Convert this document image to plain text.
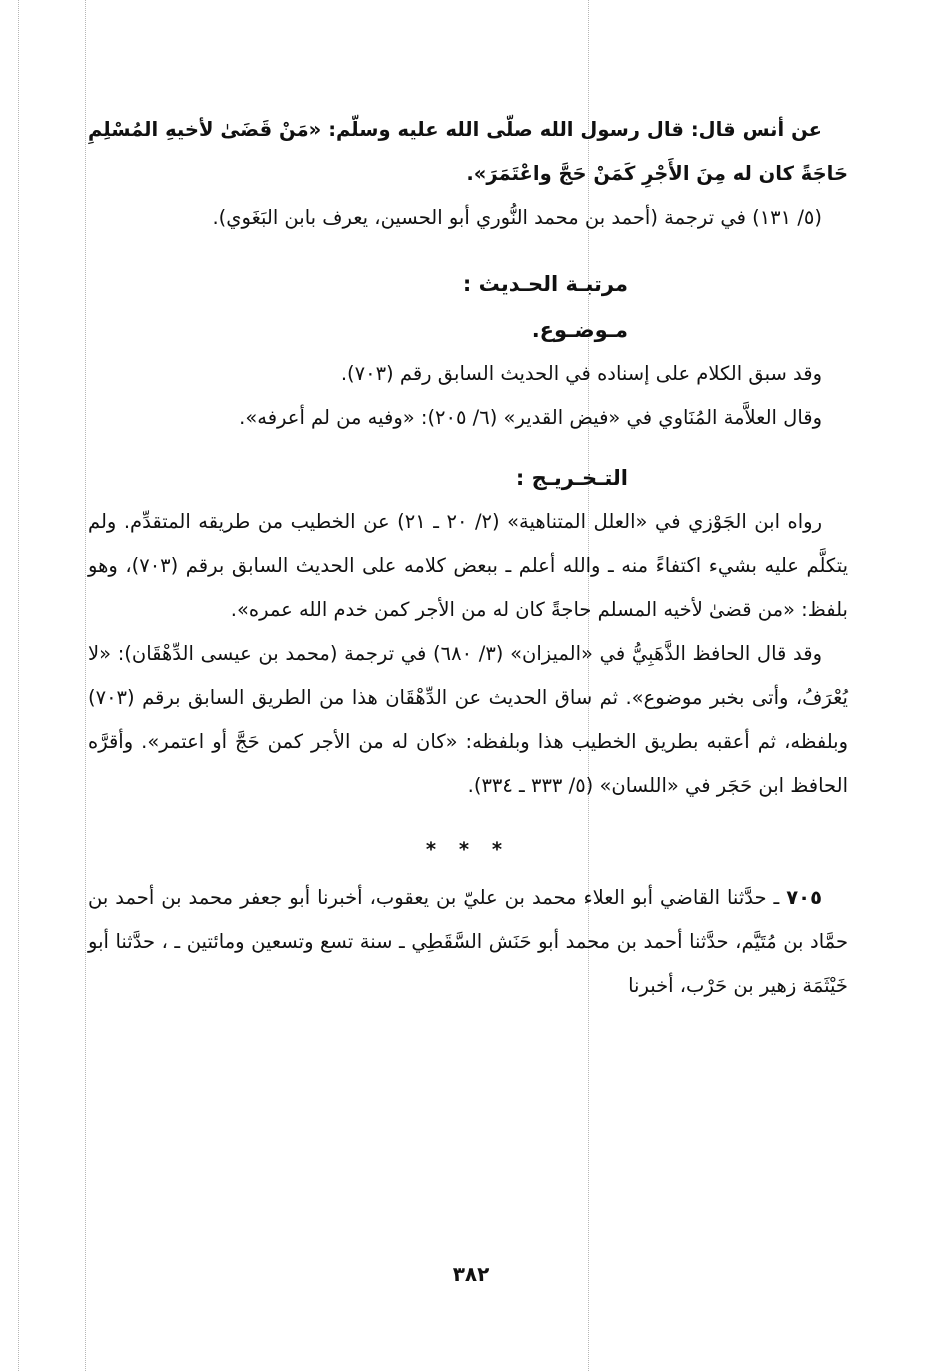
عن أنس قال: قال رسول الله صلّى الله عليه وسلّم: «مَنْ قَضَىٰ لأخيهِ المُسْلِمِ حَاجَةً كان له مِنَ الأَجْرِ كَمَنْ حَجَّ واعْتَمَرَ».

(٥/ ١٣١) في ترجمة (أحمد بن محمد النُّوري أبو الحسين، يعرف بابن البَغَوي).

مرتبـة الحـديث :

مـوضـوع.

وقد سبق الكلام على إسناده في الحديث السابق رقم (٧٠٣).

وقال العلاَّمة المُنَاوي في «فيض القدير» (٦/ ٢٠٥): «وفيه من لم أعرفه».

التـخـريـج :

رواه ابن الجَوْزي في «العلل المتناهية» (٢/ ٢٠ ـ ٢١) عن الخطيب من طريقه المتقدِّم. ولم يتكلَّم عليه بشيء اكتفاءً منه ـ والله أعلم ـ ببعض كلامه على الحديث السابق برقم (٧٠٣)، وهو بلفظ: «من قضىٰ لأخيه المسلم حاجةً كان له من الأجر كمن خدم الله عمره».

وقد قال الحافظ الذَّهَبِيُّ في «الميزان» (٣/ ٦٨٠) في ترجمة (محمد بن عيسى الدِّهْقَان): «لا يُعْرَفُ، وأتى بخبر موضوع». ثم ساق الحديث عن الدِّهْقَان هذا من الطريق السابق برقم (٧٠٣) وبلفظه، ثم أعقبه بطريق الخطيب هذا وبلفظه: «كان له من الأجر كمن حَجَّ أو اعتمر». وأقرَّه الحافظ ابن حَجَر في «اللسان» (٥/ ٣٣٣ ـ ٣٣٤).

* * *

٧٠٥ ـ حدَّثنا القاضي أبو العلاء محمد بن عليّ بن يعقوب، أخبرنا أبو جعفر محمد بن أحمد بن حمَّاد بن مُتَيَّم، حدَّثنا أحمد بن محمد أبو حَنَش السَّقَطِي ـ سنة تسع وتسعين ومائتين ـ ، حدَّثنا أبو خَيْثَمَة زهير بن حَرْب، أخبرنا

٣٨٢
